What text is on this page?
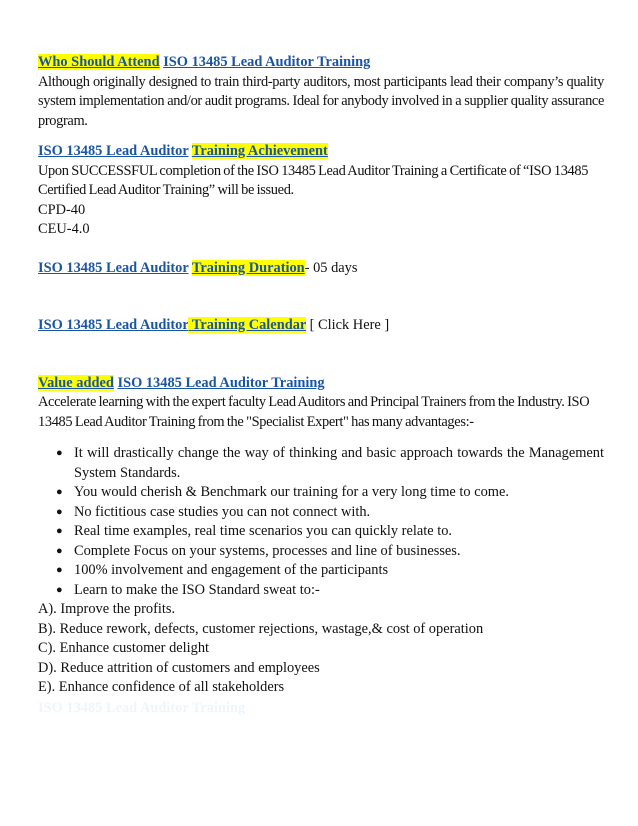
Who Should Attend ISO 13485 Lead Auditor Training

Although originally designed to train third-party auditors, most participants lead their company’s quality system implementation and/or audit programs. Ideal for anybody involved in a supplier quality assurance program.

ISO 13485 Lead Auditor Training Achievement

Upon SUCCESSFUL completion of the ISO 13485 Lead Auditor Training a Certificate of “ISO 13485 Certified Lead Auditor Training” will be issued.

CPD-40

CEU-4.0

ISO 13485 Lead Auditor Training Duration- 05 days

ISO 13485 Lead Auditor Training Calendar [ Click Here ]

Value added ISO 13485 Lead Auditor Training

Accelerate learning with the expert faculty Lead Auditors and Principal Trainers from the Industry. ISO 13485 Lead Auditor Training from the "Specialist Expert" has many advantages:-

● It will drastically change the way of thinking and basic approach towards the Management System Standards.
● You would cherish & Benchmark our training for a very long time to come.
● No fictitious case studies you can not connect with.
● Real time examples, real time scenarios you can quickly relate to.
● Complete Focus on your systems, processes and line of businesses.
● 100% involvement and engagement of the participants
● Learn to make the ISO Standard sweat to:-

A). Improve the profits.

B). Reduce rework, defects, customer rejections, wastage,& cost of operation

C). Enhance customer delight

D). Reduce attrition of customers and employees

E). Enhance confidence of all stakeholders

ISO 13485 Lead Auditor Training
